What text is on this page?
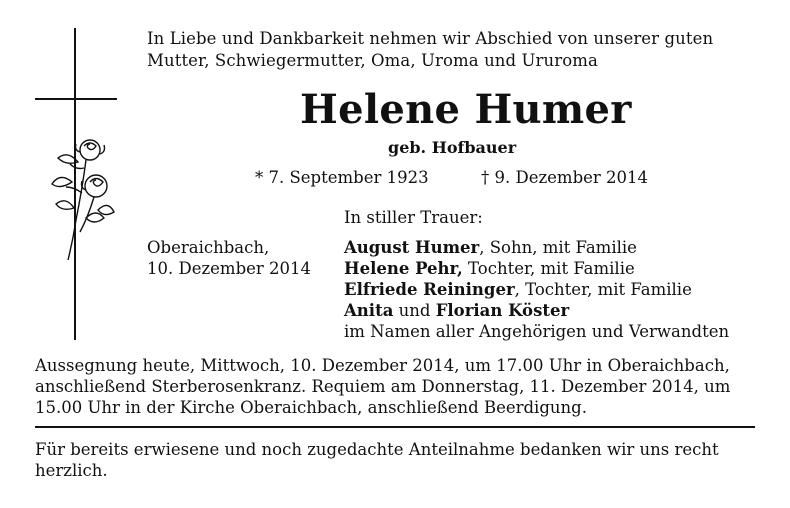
In Liebe und Dankbarkeit nehmen wir Abschied von unserer guten Mutter, Schwiegermutter, Oma, Uroma und Ururoma
Helene Humer
geb. Hofbauer
* 7. September 1923	† 9. Dezember 2014
In stiller Trauer:
Oberaichbach,
10. Dezember 2014
August Humer, Sohn, mit Familie
Helene Pehr, Tochter, mit Familie
Elfriede Reininger, Tochter, mit Familie
Anita und Florian Köster
im Namen aller Angehörigen und Verwandten
Aussegnung heute, Mittwoch, 10. Dezember 2014, um 17.00 Uhr in Oberaichbach, anschließend Sterberosenkranz. Requiem am Donnerstag, 11. Dezember 2014, um 15.00 Uhr in der Kirche Oberaichbach, anschließend Beerdigung.
Für bereits erwiesene und noch zugedachte Anteilnahme bedanken wir uns recht herzlich.
